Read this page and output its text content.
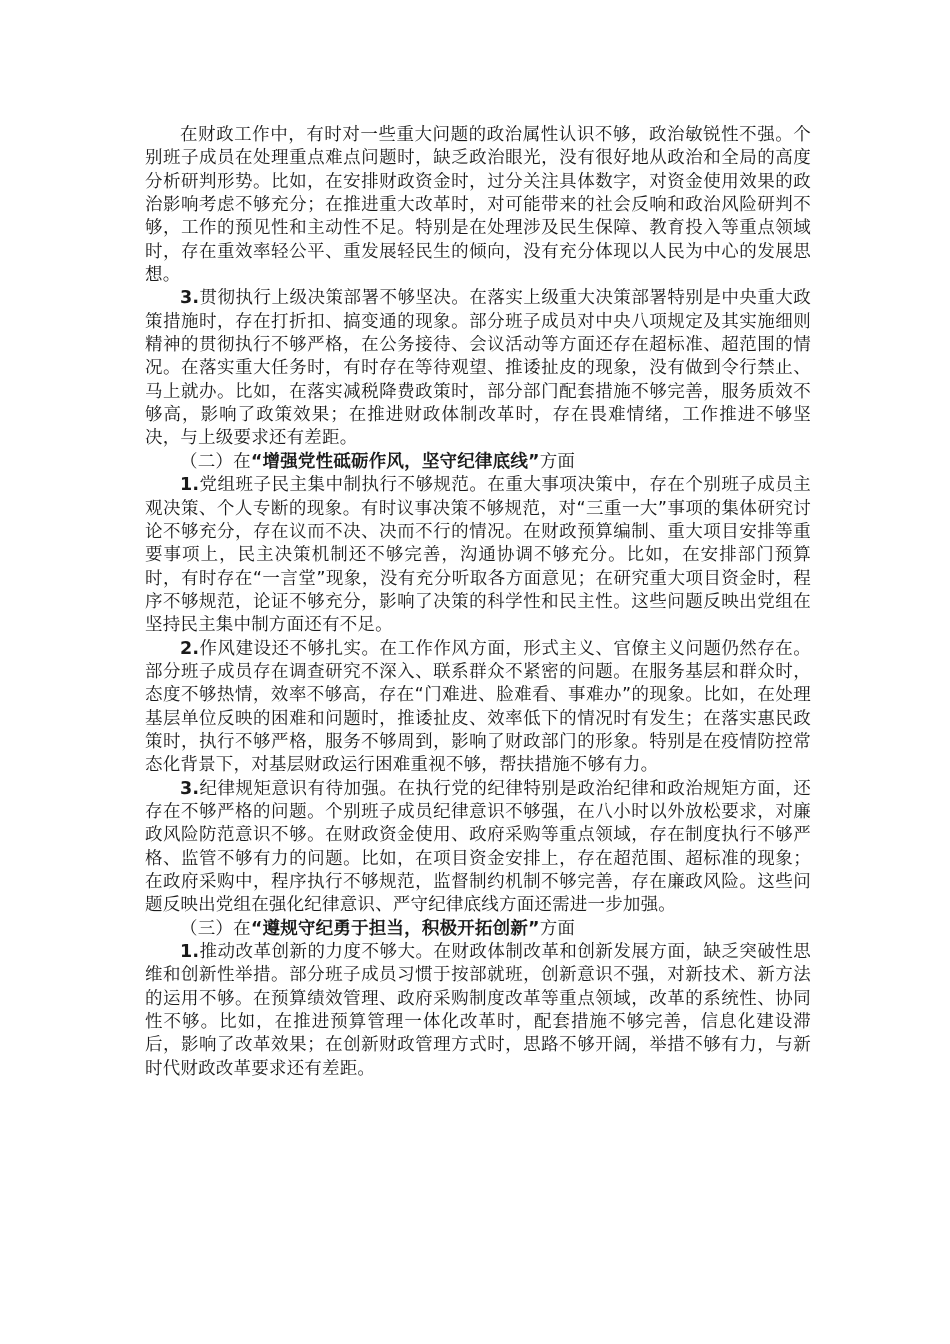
在财政工作中，有时对一些重大问题的政治属性认识不够，政治敏锐性不强。个别班子成员在处理重点难点问题时，缺乏政治眼光，没有很好地从政治和全局的高度分析研判形势。比如，在安排财政资金时，过分关注具体数字，对资金使用效果的政治影响考虑不够充分；在推进重大改革时，对可能带来的社会反响和政治风险研判不够，工作的预见性和主动性不足。特别是在处理涉及民生保障、教育投入等重点领域时，存在重效率轻公平、重发展轻民生的倾向，没有充分体现以人民为中心的发展思想。

3.贯彻执行上级决策部署不够坚决。在落实上级重大决策部署特别是中央重大政策措施时，存在打折扣、搞变通的现象。部分班子成员对中央八项规定及其实施细则精神的贯彻执行不够严格，在公务接待、会议活动等方面还存在超标准、超范围的情况。在落实重大任务时，有时存在等待观望、推诿扯皮的现象，没有做到令行禁止、马上就办。比如，在落实减税降费政策时，部分部门配套措施不够完善，服务质效不够高，影响了政策效果；在推进财政体制改革时，存在畏难情绪，工作推进不够坚决，与上级要求还有差距。

（二）在“增强党性砥砺作风，坚守纪律底线”方面

1.党组班子民主集中制执行不够规范。在重大事项决策中，存在个别班子成员主观决策、个人专断的现象。有时议事决策不够规范，对“三重一大”事项的集体研究讨论不够充分，存在议而不决、决而不行的情况。在财政预算编制、重大项目安排等重要事项上，民主决策机制还不够完善，沟通协调不够充分。比如，在安排部门预算时，有时存在“一言堂”现象，没有充分听取各方面意见；在研究重大项目资金时，程序不够规范，论证不够充分，影响了决策的科学性和民主性。这些问题反映出党组在坚持民主集中制方面还有不足。

2.作风建设还不够扎实。在工作作风方面，形式主义、官僚主义问题仍然存在。部分班子成员存在调查研究不深入、联系群众不紧密的问题。在服务基层和群众时，态度不够热情，效率不够高，存在“门难进、脸难看、事难办”的现象。比如，在处理基层单位反映的困难和问题时，推诿扯皮、效率低下的情况时有发生；在落实惠民政策时，执行不够严格，服务不够周到，影响了财政部门的形象。特别是在疫情防控常态化背景下，对基层财政运行困难重视不够，帮扶措施不够有力。

3.纪律规矩意识有待加强。在执行党的纪律特别是政治纪律和政治规矩方面，还存在不够严格的问题。个别班子成员纪律意识不够强，在八小时以外放松要求，对廉政风险防范意识不够。在财政资金使用、政府采购等重点领域，存在制度执行不够严格、监管不够有力的问题。比如，在项目资金安排上，存在超范围、超标准的现象；在政府采购中，程序执行不够规范，监督制约机制不够完善，存在廉政风险。这些问题反映出党组在强化纪律意识、严守纪律底线方面还需进一步加强。

（三）在“遵规守纪勇于担当，积极开拓创新”方面

1.推动改革创新的力度不够大。在财政体制改革和创新发展方面，缺乏突破性思维和创新性举措。部分班子成员习惯于按部就班，创新意识不强，对新技术、新方法的运用不够。在预算绩效管理、政府采购制度改革等重点领域，改革的系统性、协同性不够。比如，在推进预算管理一体化改革时，配套措施不够完善，信息化建设滞后，影响了改革效果；在创新财政管理方式时，思路不够开阔，举措不够有力，与新时代财政改革要求还有差距。
